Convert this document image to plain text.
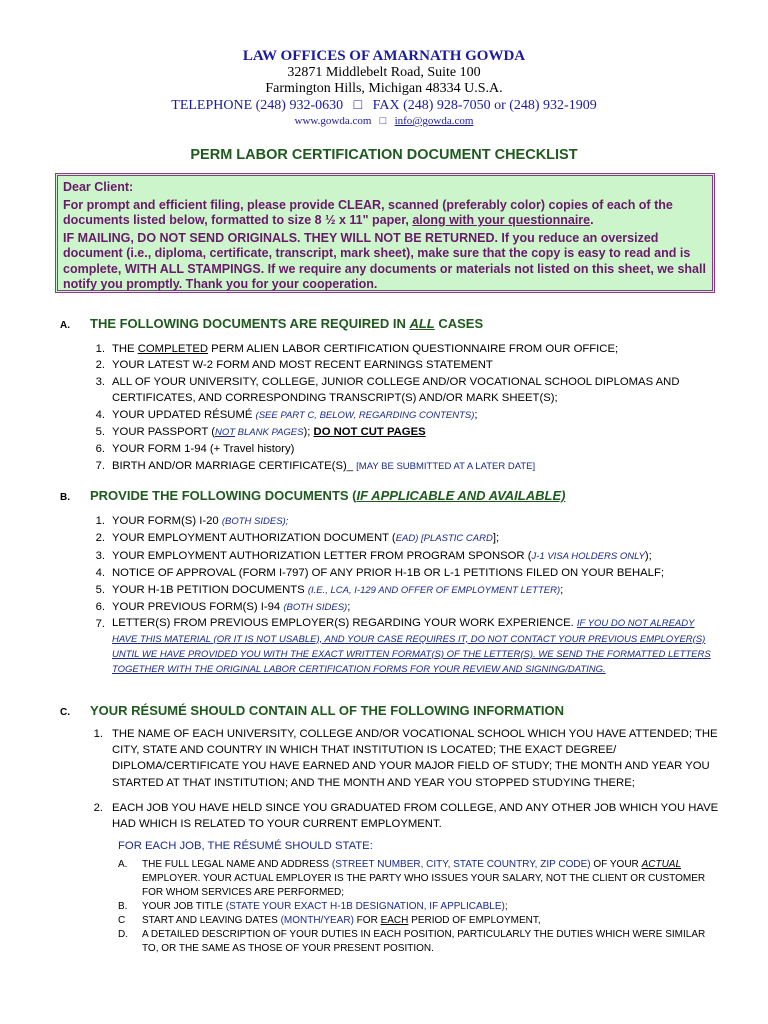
LAW OFFICES OF AMARNATH GOWDA
32871 Middlebelt Road, Suite 100
Farmington Hills, Michigan 48334 U.S.A.
TELEPHONE (248) 932-0630 □ FAX (248) 928-7050 or (248) 932-1909
www.gowda.com □ info@gowda.com
PERM LABOR CERTIFICATION DOCUMENT CHECKLIST

Dear Client:

For prompt and efficient filing, please provide CLEAR, scanned (preferably color) copies of each of the documents listed below, formatted to size 8 ½ x 11" paper, along with your questionnaire.

IF MAILING, DO NOT SEND ORIGINALS. THEY WILL NOT BE RETURNED. If you reduce an oversized document (i.e., diploma, certificate, transcript, mark sheet), make sure that the copy is easy to read and is complete, WITH ALL STAMPINGS. If we require any documents or materials not listed on this sheet, we shall notify you promptly. Thank you for your cooperation.

A.	THE FOLLOWING DOCUMENTS ARE REQUIRED IN ALL CASES
1. THE COMPLETED PERM ALIEN LABOR CERTIFICATION QUESTIONNAIRE FROM OUR OFFICE;
2. YOUR LATEST W-2 FORM AND MOST RECENT EARNINGS STATEMENT
3. ALL OF YOUR UNIVERSITY, COLLEGE, JUNIOR COLLEGE AND/OR VOCATIONAL SCHOOL DIPLOMAS AND CERTIFICATES, AND CORRESPONDING TRANSCRIPT(S) AND/OR MARK SHEET(S);
4. YOUR UPDATED RÉSUMÉ (SEE PART C, BELOW, REGARDING CONTENTS);
5. YOUR PASSPORT (NOT BLANK PAGES); DO NOT CUT PAGES
6. YOUR FORM 1-94 (+ Travel history)
7. BIRTH AND/OR MARRIAGE CERTIFICATE(S)_ [MAY BE SUBMITTED AT A LATER DATE]
B.	PROVIDE THE FOLLOWING DOCUMENTS (IF APPLICABLE AND AVAILABLE)
1. YOUR FORM(S) I-20 (BOTH SIDES);
2. YOUR EMPLOYMENT AUTHORIZATION DOCUMENT (EAD) [PLASTIC CARD];
3. YOUR EMPLOYMENT AUTHORIZATION LETTER FROM PROGRAM SPONSOR (J-1 VISA HOLDERS ONLY);
4. NOTICE OF APPROVAL (FORM I-797) OF ANY PRIOR H-1B OR L-1 PETITIONS FILED ON YOUR BEHALF;
5. YOUR H-1B PETITION DOCUMENTS (I.E., LCA, I-129 AND OFFER OF EMPLOYMENT LETTER);
6. YOUR PREVIOUS FORM(S) I-94 (BOTH SIDES);
7. LETTER(S) FROM PREVIOUS EMPLOYER(S) REGARDING YOUR WORK EXPERIENCE. IF YOU DO NOT ALREADY HAVE THIS MATERIAL (OR IT IS NOT USABLE), AND YOUR CASE REQUIRES IT, DO NOT CONTACT YOUR PREVIOUS EMPLOYER(S) UNTIL WE HAVE PROVIDED YOU WITH THE EXACT WRITTEN FORMAT(S) OF THE LETTER(S). WE SEND THE FORMATTED LETTERS TOGETHER WITH THE ORIGINAL LABOR CERTIFICATION FORMS FOR YOUR REVIEW AND SIGNING/DATING.
C.	YOUR RÉSUMÉ SHOULD CONTAIN ALL OF THE FOLLOWING INFORMATION
1. THE NAME OF EACH UNIVERSITY, COLLEGE AND/OR VOCATIONAL SCHOOL WHICH YOU HAVE ATTENDED; THE CITY, STATE AND COUNTRY IN WHICH THAT INSTITUTION IS LOCATED; THE EXACT DEGREE/ DIPLOMA/CERTIFICATE YOU HAVE EARNED AND YOUR MAJOR FIELD OF STUDY; THE MONTH AND YEAR YOU STARTED AT THAT INSTITUTION; AND THE MONTH AND YEAR YOU STOPPED STUDYING THERE;
2. EACH JOB YOU HAVE HELD SINCE YOU GRADUATED FROM COLLEGE, AND ANY OTHER JOB WHICH YOU HAVE HAD WHICH IS RELATED TO YOUR CURRENT EMPLOYMENT.
FOR EACH JOB, THE RÉSUMÉ SHOULD STATE:
A.	THE FULL LEGAL NAME AND ADDRESS (STREET NUMBER, CITY, STATE COUNTRY, ZIP CODE) OF YOUR ACTUAL EMPLOYER. YOUR ACTUAL EMPLOYER IS THE PARTY WHO ISSUES YOUR SALARY, NOT THE CLIENT OR CUSTOMER FOR WHOM SERVICES ARE PERFORMED;
B.	YOUR JOB TITLE (STATE YOUR EXACT H-1B DESIGNATION, IF APPLICABLE);
C	START AND LEAVING DATES (MONTH/YEAR) FOR EACH PERIOD OF EMPLOYMENT,
D.	A DETAILED DESCRIPTION OF YOUR DUTIES IN EACH POSITION, PARTICULARLY THE DUTIES WHICH WERE SIMILAR TO, OR THE SAME AS THOSE OF YOUR PRESENT POSITION.
